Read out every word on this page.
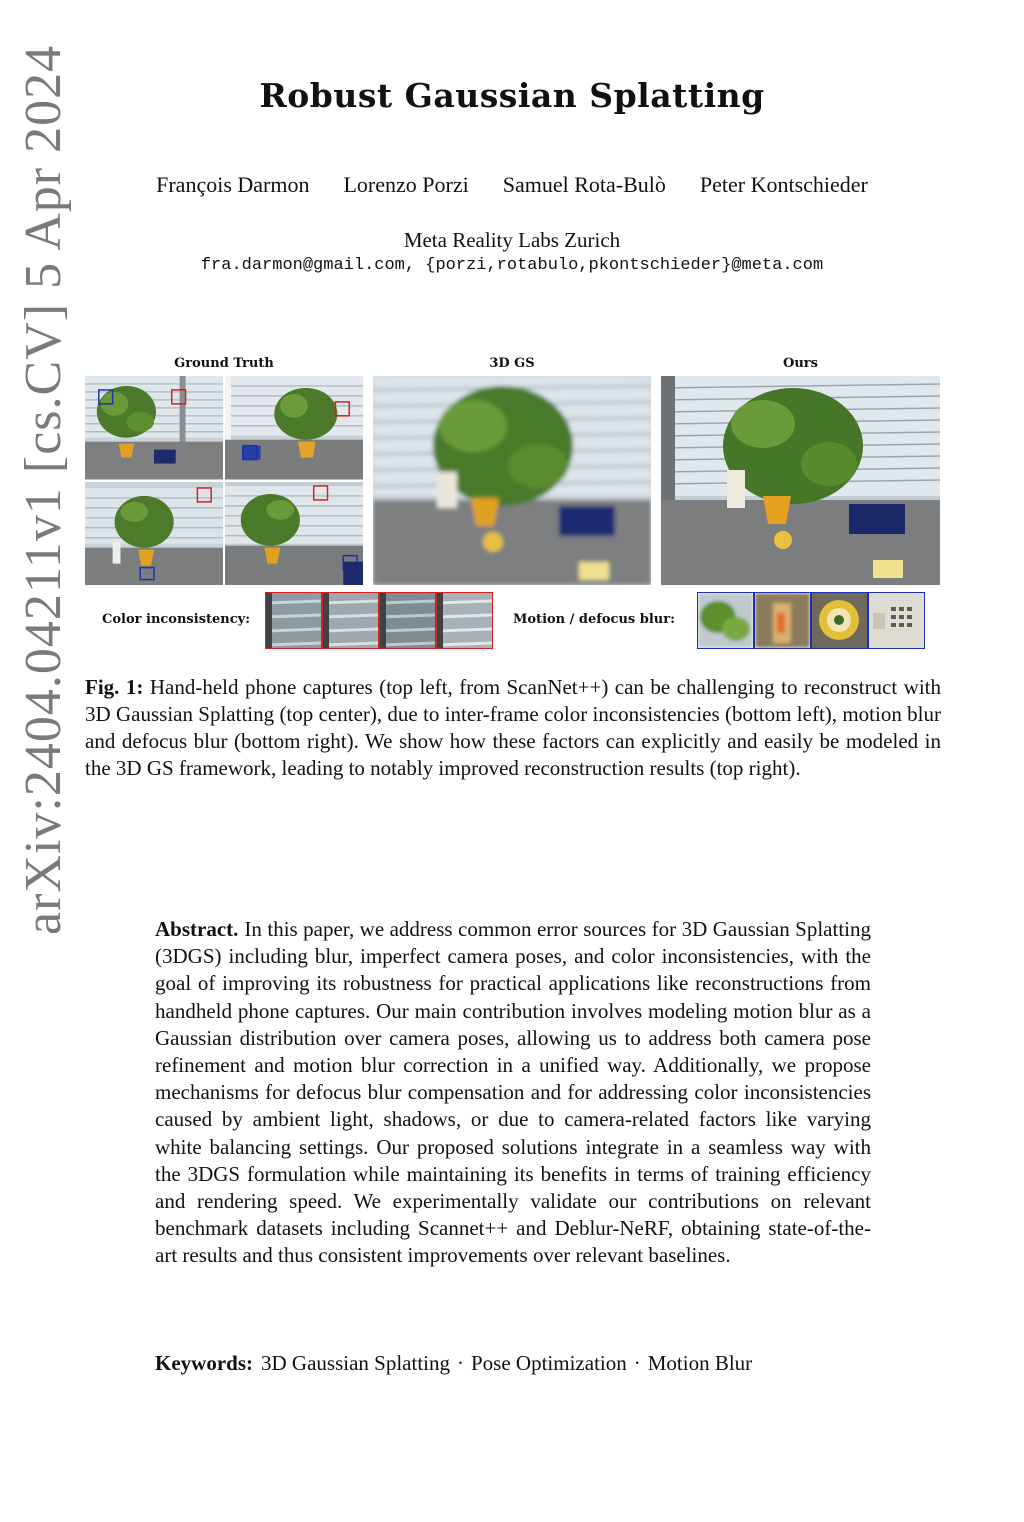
arXiv:2404.04211v1 [cs.CV] 5 Apr 2024	Robust Gaussian Splatting
François Darmon Lorenzo Porzi Samuel Rota-Bulò Peter Kontschieder
Meta Reality Labs Zurich
fra.darmon@gmail.com, {porzi,rotabulo,pkontschieder}@meta.com
Ground Truth	3D GS	Ours
Color inconsistency:	Motion / defocus blur:
Fig. 1: Hand-held phone captures (top left, from ScanNet++) can be challenging to reconstruct with 3D Gaussian Splatting (top center), due to inter-frame color inconsistencies (bottom left), motion blur and defocus blur (bottom right). We show how these factors can explicitly and easily be modeled in the 3D GS framework, leading to notably improved reconstruction results (top right).
Abstract. In this paper, we address common error sources for 3D Gaussian Splatting (3DGS) including blur, imperfect camera poses, and color inconsistencies, with the goal of improving its robustness for practical applications like reconstructions from handheld phone captures. Our main contribution involves modeling motion blur as a Gaussian distribution over camera poses, allowing us to address both camera pose refinement and motion blur correction in a unified way. Additionally, we propose mechanisms for defocus blur compensation and for addressing color inconsistencies caused by ambient light, shadows, or due to camera-related factors like varying white balancing settings. Our proposed solutions integrate in a seamless way with the 3DGS formulation while maintaining its benefits in terms of training efficiency and rendering speed. We experimentally validate our contributions on relevant benchmark datasets including Scannet++ and Deblur-NeRF, obtaining state-of-the-art results and thus consistent improvements over relevant baselines.
Keywords: 3D Gaussian Splatting · Pose Optimization · Motion Blur
